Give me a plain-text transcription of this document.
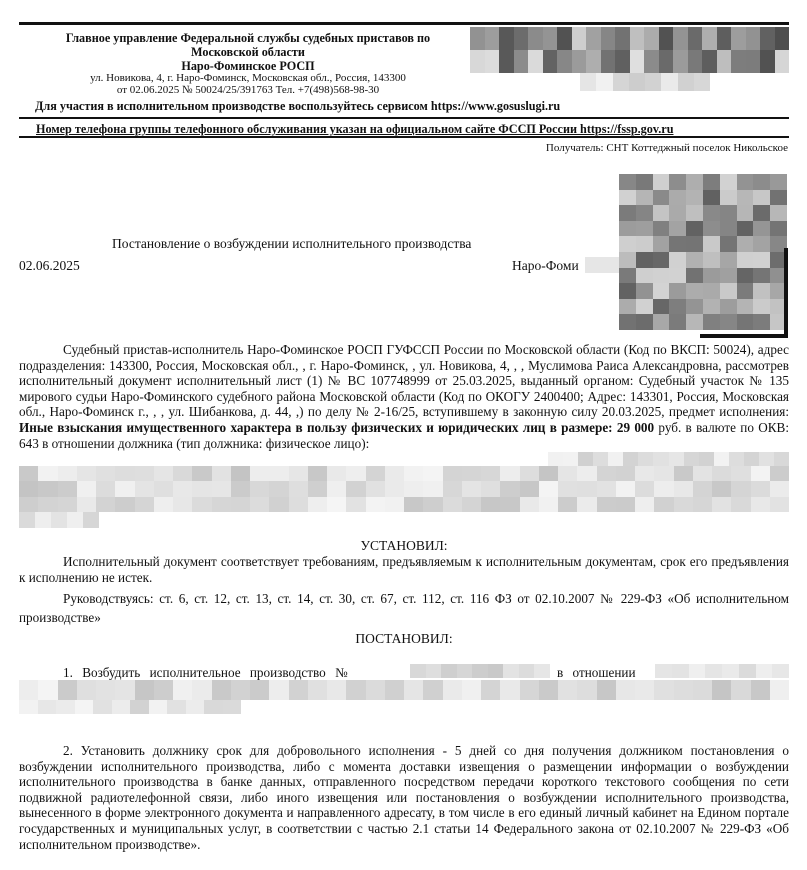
Главное управление Федеральной службы судебных приставов по
Московской области
Наро-Фоминское РОСП
ул. Новикова, 4, г. Наро-Фоминск, Московская обл., Россия, 143300
от 02.06.2025 № 50024/25/391763 Тел. +7(498)568-98-30
Для участия в исполнительном производстве воспользуйтесь сервисом https://www.gosuslugi.ru
Номер телефона группы телефонного обслуживания указан на официальном сайте ФССП России https://fssp.gov.ru
Получатель: СНТ Коттеджный поселок Никольское
Постановление о возбуждении исполнительного производства
02.06.2025	Наро-Фоми
Судебный пристав-исполнитель Наро-Фоминское РОСП ГУФССП России по Московской области (Код по ВКСП: 50024), адрес подразделения: 143300, Россия, Московская обл., , г. Наро-Фоминск, , ул. Новикова, 4, , , Муслимова Раиса Александровна, рассмотрев исполнительный документ исполнительный лист (1) № ВС 107748999 от 25.03.2025, выданный органом: Судебный участок № 135 мирового судьи Наро-Фоминского судебного района Московской области (Код по ОКОГУ 2400400; Адрес: 143301, Россия, Московская обл., Наро-Фоминск г., , , ул. Шибанкова, д. 44, ,) по делу № 2-16/25, вступившему в законную силу 20.03.2025, предмет исполнения: Иные взыскания имущественного характера в пользу физических и юридических лиц в размере: 29 000 руб. в валюте по ОКВ: 643 в отношении должника (тип должника: физическое лицо):
УСТАНОВИЛ:
Исполнительный документ соответствует требованиям, предъявляемым к исполнительным документам, срок его предъявления к исполнению не истек.
Руководствуясь: ст. 6, ст. 12, ст. 13, ст. 14, ст. 30, ст. 67, ст. 112, ст. 116 ФЗ от 02.10.2007 № 229-ФЗ «Об исполнительном производстве»
ПОСТАНОВИЛ:
1. Возбудить исполнительное производство №	в отношении
2. Установить должнику срок для добровольного исполнения - 5 дней со дня получения должником постановления о возбуждении исполнительного производства, либо с момента доставки извещения о размещении информации о возбуждении исполнительного производства в банке данных, отправленного посредством передачи короткого текстового сообщения по сети подвижной радиотелефонной связи, либо иного извещения или постановления о возбуждении исполнительного производства, вынесенного в форме электронного документа и направленного адресату, в том числе в его единый личный кабинет на Едином портале государственных и муниципальных услуг, в соответствии с частью 2.1 статьи 14 Федерального закона от 02.10.2007 № 229-ФЗ «Об исполнительном производстве».
